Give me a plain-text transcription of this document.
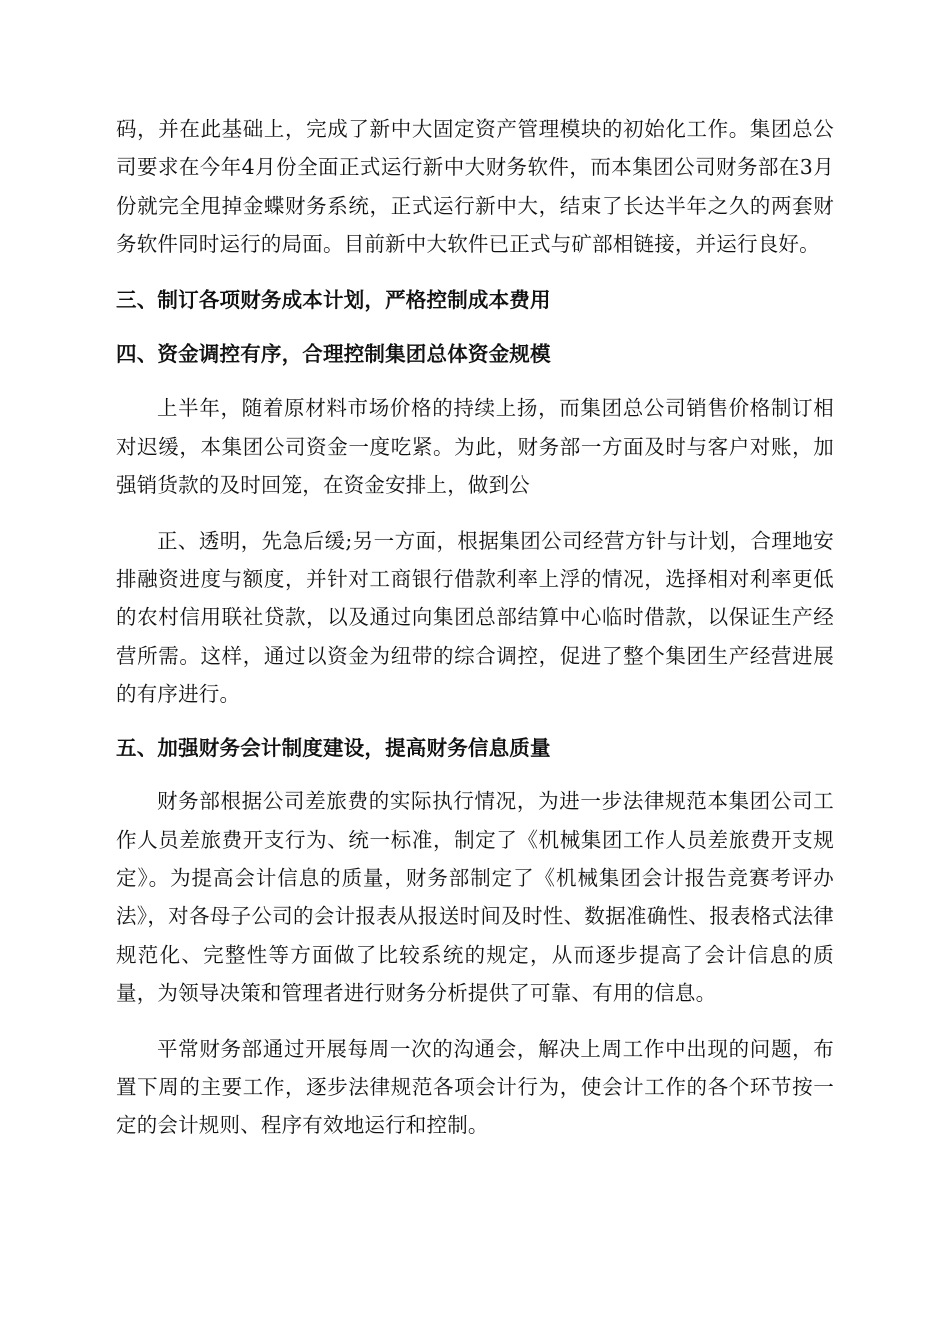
码，并在此基础上，完成了新中大固定资产管理模块的初始化工作。集团总公司要求在今年4月份全面正式运行新中大财务软件，而本集团公司财务部在3月份就完全甩掉金蝶财务系统，正式运行新中大，结束了长达半年之久的两套财务软件同时运行的局面。目前新中大软件已正式与矿部相链接，并运行良好。

三、制订各项财务成本计划，严格控制成本费用
四、资金调控有序，合理控制集团总体资金规模

上半年，随着原材料市场价格的持续上扬，而集团总公司销售价格制订相对迟缓，本集团公司资金一度吃紧。为此，财务部一方面及时与客户对账，加强销货款的及时回笼，在资金安排上，做到公

正、透明，先急后缓;另一方面，根据集团公司经营方针与计划，合理地安排融资进度与额度，并针对工商银行借款利率上浮的情况，选择相对利率更低的农村信用联社贷款，以及通过向集团总部结算中心临时借款，以保证生产经营所需。这样，通过以资金为纽带的综合调控，促进了整个集团生产经营进展的有序进行。

五、加强财务会计制度建设，提高财务信息质量

财务部根据公司差旅费的实际执行情况，为进一步法律规范本集团公司工作人员差旅费开支行为、统一标准，制定了《机械集团工作人员差旅费开支规定》。为提高会计信息的质量，财务部制定了《机械集团会计报告竞赛考评办法》，对各母子公司的会计报表从报送时间及时性、数据准确性、报表格式法律规范化、完整性等方面做了比较系统的规定，从而逐步提高了会计信息的质量，为领导决策和管理者进行财务分析提供了可靠、有用的信息。

平常财务部通过开展每周一次的沟通会，解决上周工作中出现的问题，布置下周的主要工作，逐步法律规范各项会计行为，使会计工作的各个环节按一定的会计规则、程序有效地运行和控制。
